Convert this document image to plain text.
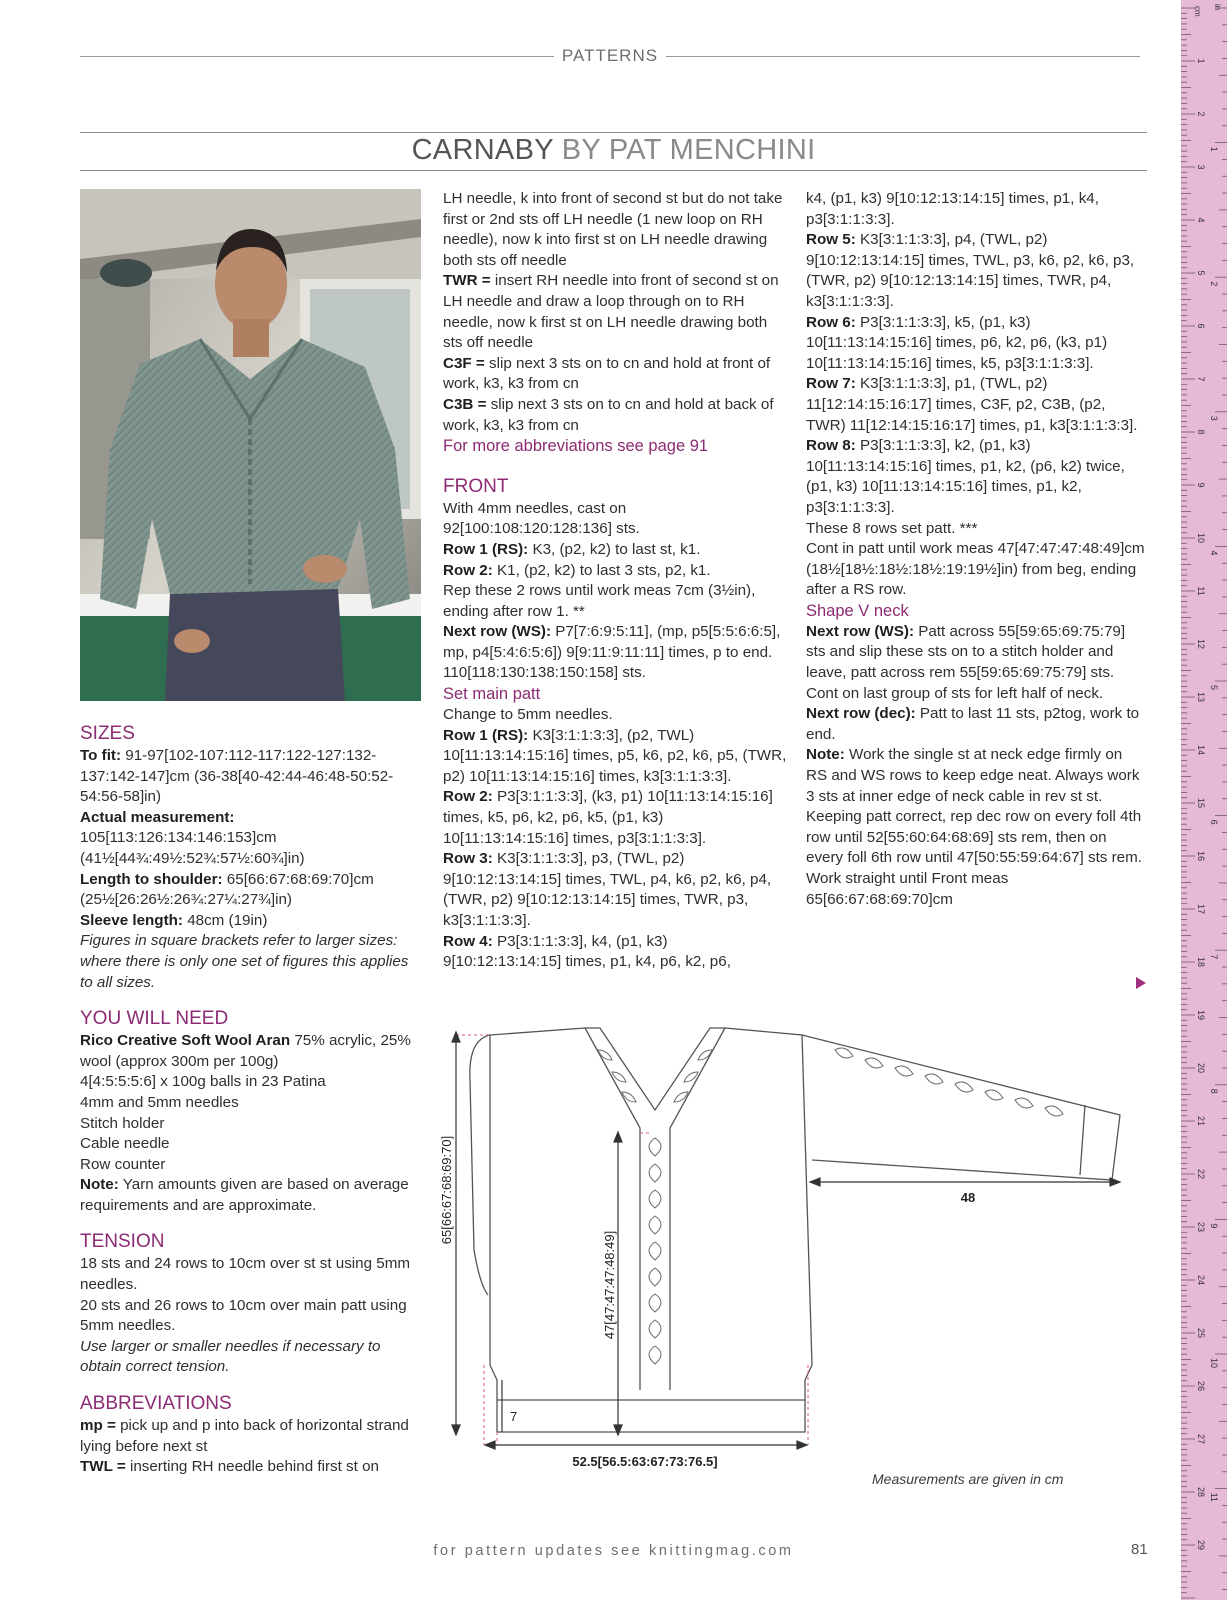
PATTERNS
CARNABY BY PAT MENCHINI
SIZES

To fit: 91-97[102-107:112-117:122-127:132-137:142-147]cm (36-38[40-42:44-46:48-50:52-54:56-58]in)

Actual measurement: 105[113:126:134:146:153]cm (41½[44¾:49½:52¾:57½:60¾]in)

Length to shoulder: 65[66:67:68:69:70]cm (25½[26:26½:26¾:27¼:27¾]in)

Sleeve length: 48cm (19in)

Figures in square brackets refer to larger sizes: where there is only one set of figures this applies to all sizes.

YOU WILL NEED

Rico Creative Soft Wool Aran 75% acrylic, 25% wool (approx 300m per 100g)

4[4:5:5:5:6] x 100g balls in 23 Patina

4mm and 5mm needles

Stitch holder

Cable needle

Row counter

Note: Yarn amounts given are based on average requirements and are approximate.

TENSION

18 sts and 24 rows to 10cm over st st using 5mm needles.

20 sts and 26 rows to 10cm over main patt using 5mm needles.

Use larger or smaller needles if necessary to obtain correct tension.

ABBREVIATIONS

mp = pick up and p into back of horizontal strand lying before next st

TWL = inserting RH needle behind first st on

LH needle, k into front of second st but do not take first or 2nd sts off LH needle (1 new loop on RH needle), now k into first st on LH needle drawing both sts off needle

TWR = insert RH needle into front of second st on LH needle and draw a loop through on to RH needle, now k first st on LH needle drawing both sts off needle

C3F = slip next 3 sts on to cn and hold at front of work, k3, k3 from cn

C3B = slip next 3 sts on to cn and hold at back of work, k3, k3 from cn

For more abbreviations see page 91

FRONT

With 4mm needles, cast on 92[100:108:120:128:136] sts.

Row 1 (RS): K3, (p2, k2) to last st, k1.

Row 2: K1, (p2, k2) to last 3 sts, p2, k1.

Rep these 2 rows until work meas 7cm (3½in), ending after row 1. **

Next row (WS): P7[7:6:9:5:11], (mp, p5[5:5:6:6:5], mp, p4[5:4:6:5:6]) 9[9:11:9:11:11] times, p to end. 110[118:130:138:150:158] sts.

Set main patt

Change to 5mm needles.

Row 1 (RS): K3[3:1:1:3:3], (p2, TWL) 10[11:13:14:15:16] times, p5, k6, p2, k6, p5, (TWR, p2) 10[11:13:14:15:16] times, k3[3:1:1:3:3].

Row 2: P3[3:1:1:3:3], (k3, p1) 10[11:13:14:15:16] times, k5, p6, k2, p6, k5, (p1, k3) 10[11:13:14:15:16] times, p3[3:1:1:3:3].

Row 3: K3[3:1:1:3:3], p3, (TWL, p2) 9[10:12:13:14:15] times, TWL, p4, k6, p2, k6, p4, (TWR, p2) 9[10:12:13:14:15] times, TWR, p3, k3[3:1:1:3:3].

Row 4: P3[3:1:1:3:3], k4, (p1, k3) 9[10:12:13:14:15] times, p1, k4, p6, k2, p6,

k4, (p1, k3) 9[10:12:13:14:15] times, p1, k4, p3[3:1:1:3:3].

Row 5: K3[3:1:1:3:3], p4, (TWL, p2) 9[10:12:13:14:15] times, TWL, p3, k6, p2, k6, p3, (TWR, p2) 9[10:12:13:14:15] times, TWR, p4, k3[3:1:1:3:3].

Row 6: P3[3:1:1:3:3], k5, (p1, k3) 10[11:13:14:15:16] times, p6, k2, p6, (k3, p1) 10[11:13:14:15:16] times, k5, p3[3:1:1:3:3].

Row 7: K3[3:1:1:3:3], p1, (TWL, p2) 11[12:14:15:16:17] times, C3F, p2, C3B, (p2, TWR) 11[12:14:15:16:17] times, p1, k3[3:1:1:3:3].

Row 8: P3[3:1:1:3:3], k2, (p1, k3) 10[11:13:14:15:16] times, p1, k2, (p6, k2) twice, (p1, k3) 10[11:13:14:15:16] times, p1, k2, p3[3:1:1:3:3].

These 8 rows set patt. ***

Cont in patt until work meas 47[47:47:47:48:49]cm (18½[18½:18½:18½:19:19½]in) from beg, ending after a RS row.

Shape V neck

Next row (WS): Patt across 55[59:65:69:75:79] sts and slip these sts on to a stitch holder and leave, patt across rem 55[59:65:69:75:79] sts.

Cont on last group of sts for left half of neck.

Next row (dec): Patt to last 11 sts, p2tog, work to end.

Note: Work the single st at neck edge firmly on RS and WS rows to keep edge neat. Always work 3 sts at inner edge of neck cable in rev st st.

Keeping patt correct, rep dec row on every foll 4th row until 52[55:60:64:68:69] sts rem, then on every foll 6th row until 47[50:55:59:64:67] sts rem.

Work straight until Front meas 65[66:67:68:69:70]cm

65[66:67:68:69:70]
47[47:47:47:48:49]
7
52.5[56.5:63:67:73:76.5]
48
Measurements are given in cm
for pattern updates see knittingmag.com	81
1
2
3
4
5
6
7
8
9
10
11
12
13
14
15
16
17
18
19
20
21
22
23
24
25
26
27
28
29
1
2
3
4
5
6
7
8
9
10
11
cm in
